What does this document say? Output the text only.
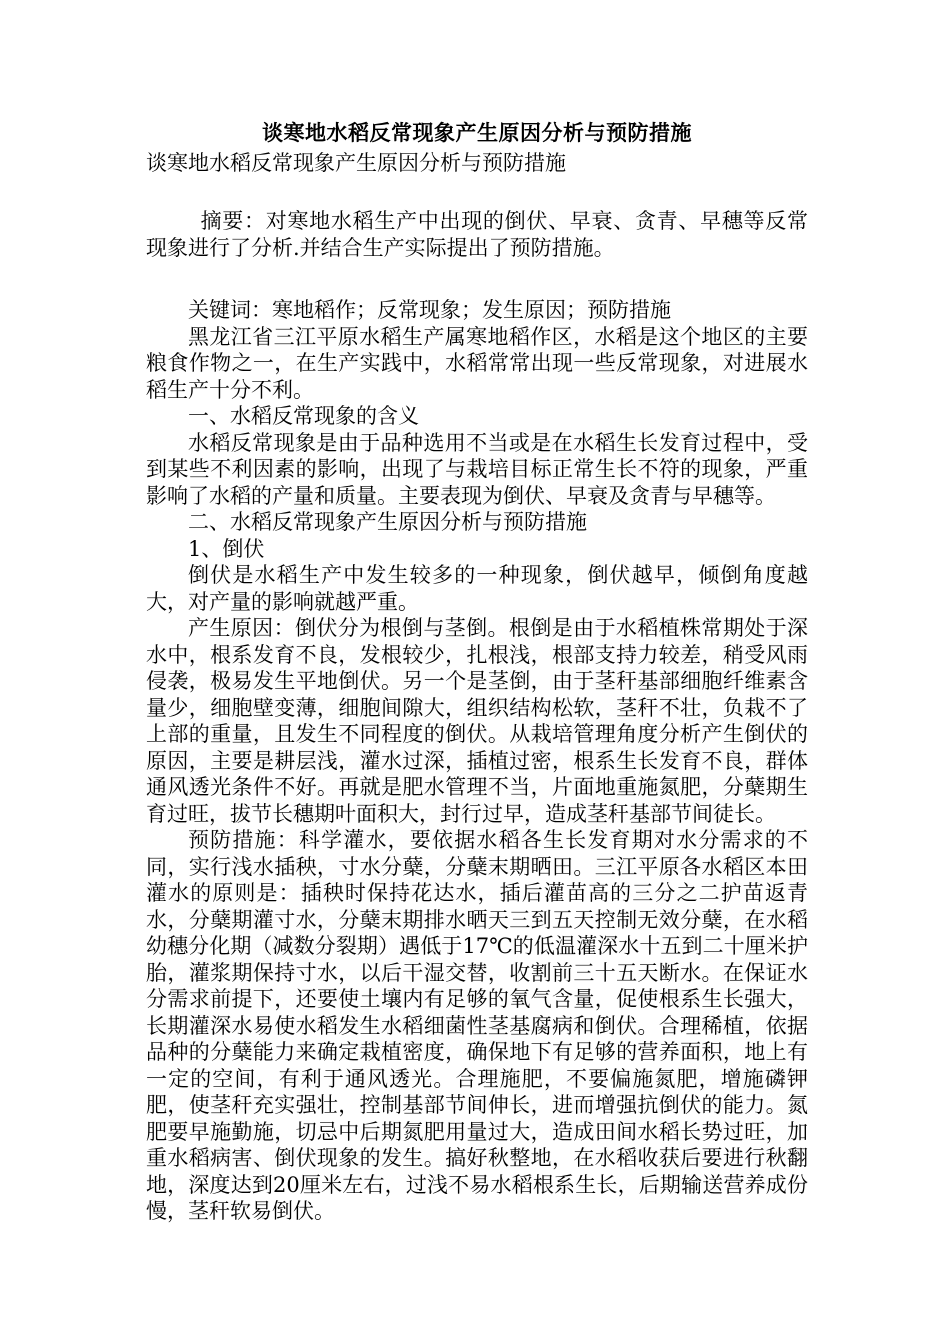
谈寒地水稻反常现象产生原因分析与预防措施

谈寒地水稻反常现象产生原因分析与预防措施

摘要：对寒地水稻生产中出现的倒伏、早衰、贪青、早穗等反常现象进行了分析.并结合生产实际提出了预防措施。

关键词：寒地稻作；反常现象；发生原因；预防措施

黑龙江省三江平原水稻生产属寒地稻作区，水稻是这个地区的主要粮食作物之一，在生产实践中，水稻常常出现一些反常现象，对进展水稻生产十分不利。

一、水稻反常现象的含义

水稻反常现象是由于品种选用不当或是在水稻生长发育过程中，受到某些不利因素的影响，出现了与栽培目标正常生长不符的现象，严重影响了水稻的产量和质量。主要表现为倒伏、早衰及贪青与早穗等。

二、水稻反常现象产生原因分析与预防措施

1、倒伏

倒伏是水稻生产中发生较多的一种现象，倒伏越早，倾倒角度越大，对产量的影响就越严重。

产生原因：倒伏分为根倒与茎倒。根倒是由于水稻植株常期处于深水中，根系发育不良，发根较少，扎根浅，根部支持力较差，稍受风雨侵袭，极易发生平地倒伏。另一个是茎倒，由于茎秆基部细胞纤维素含量少，细胞壁变薄，细胞间隙大，组织结构松软，茎秆不壮，负栽不了上部的重量，且发生不同程度的倒伏。从栽培管理角度分析产生倒伏的原因，主要是耕层浅，灌水过深，插植过密，根系生长发育不良，群体通风透光条件不好。再就是肥水管理不当，片面地重施氮肥，分蘖期生育过旺，拔节长穗期叶面积大，封行过早，造成茎秆基部节间徒长。

预防措施：科学灌水，要依据水稻各生长发育期对水分需求的不同，实行浅水插秧，寸水分蘖，分蘖末期晒田。三江平原各水稻区本田灌水的原则是：插秧时保持花达水，插后灌苗高的三分之二护苗返青水，分蘖期灌寸水，分蘖末期排水晒天三到五天控制无效分蘖，在水稻幼穗分化期（减数分裂期）遇低于17℃的低温灌深水十五到二十厘米护胎，灌浆期保持寸水，以后干湿交替，收割前三十五天断水。在保证水分需求前提下，还要使土壤内有足够的氧气含量，促使根系生长强大，长期灌深水易使水稻发生水稻细菌性茎基腐病和倒伏。合理稀植，依据品种的分蘖能力来确定栽植密度，确保地下有足够的营养面积，地上有一定的空间，有利于通风透光。合理施肥，不要偏施氮肥，增施磷钾肥，使茎秆充实强壮，控制基部节间伸长，进而增强抗倒伏的能力。氮肥要早施勤施，切忌中后期氮肥用量过大，造成田间水稻长势过旺，加重水稻病害、倒伏现象的发生。搞好秋整地，在水稻收获后要进行秋翻地，深度达到20厘米左右，过浅不易水稻根系生长，后期输送营养成份慢，茎秆软易倒伏。
